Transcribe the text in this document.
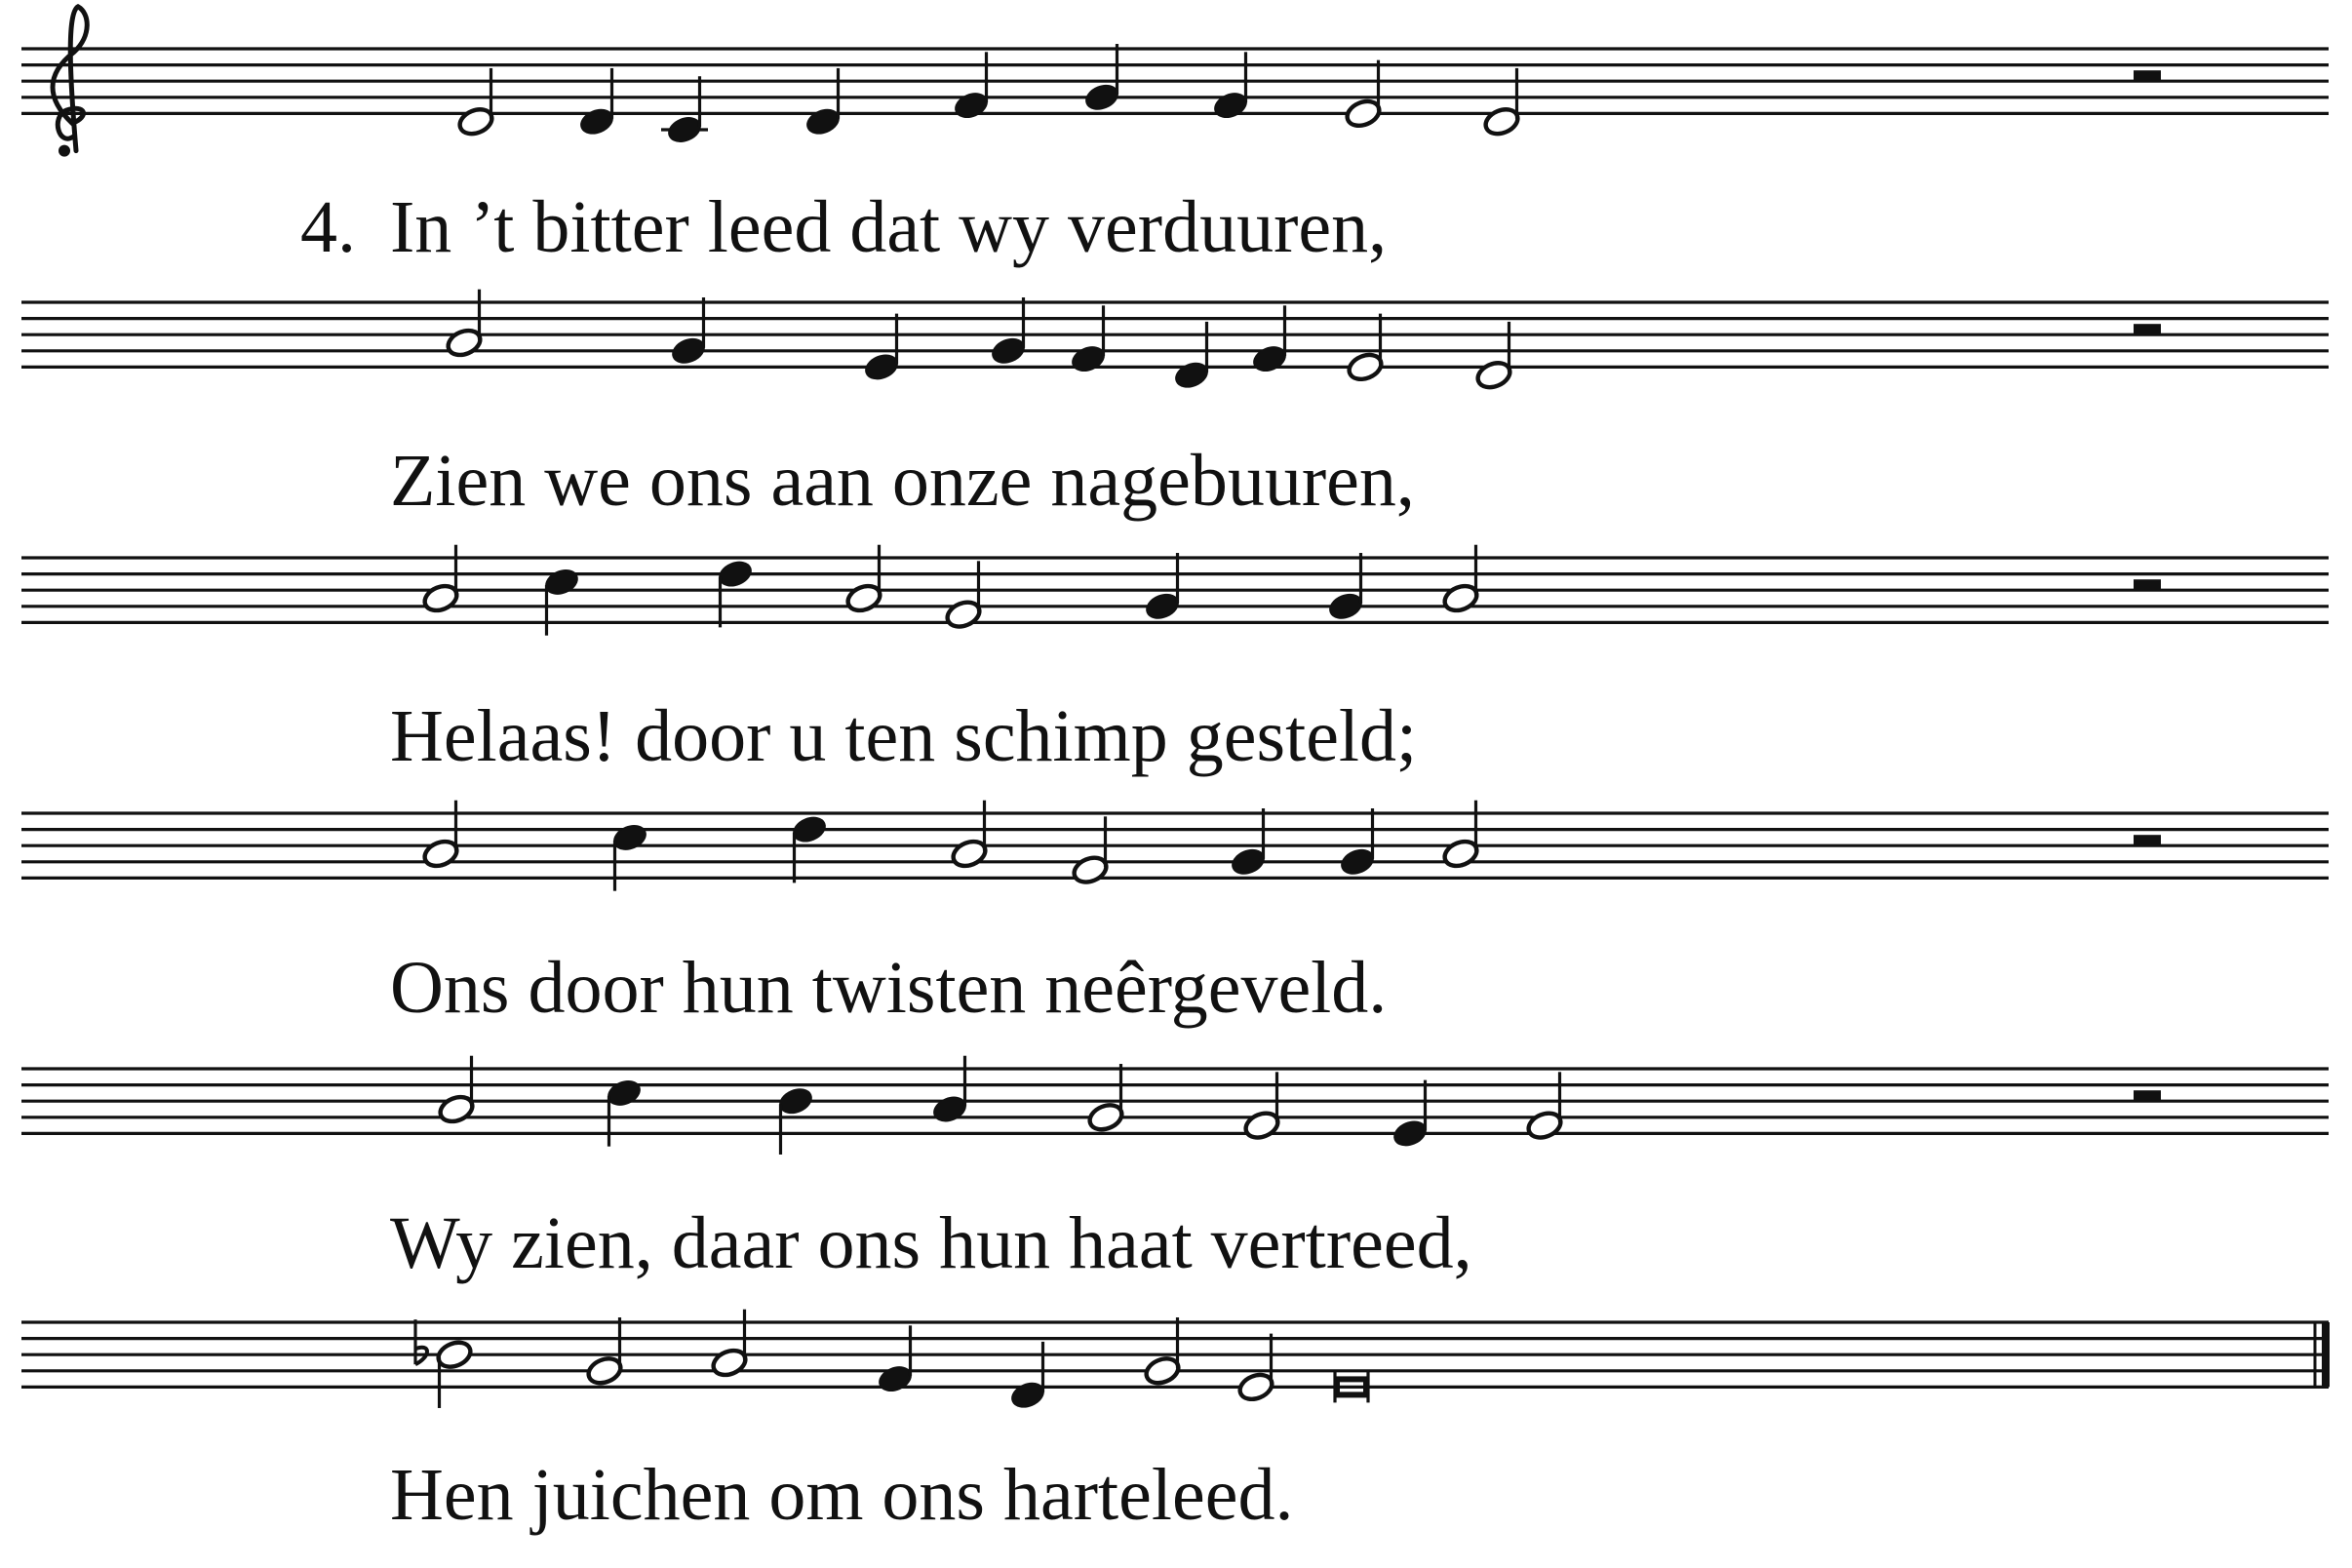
4. In ’t bitter leed dat wy verduuren,
Zien we ons aan onze nagebuuren,
Helaas! door u ten schimp gesteld;
Ons door hun twisten neêrgeveld.
Wy zien, daar ons hun haat vertreed,
Hen juichen om ons harteleed.
